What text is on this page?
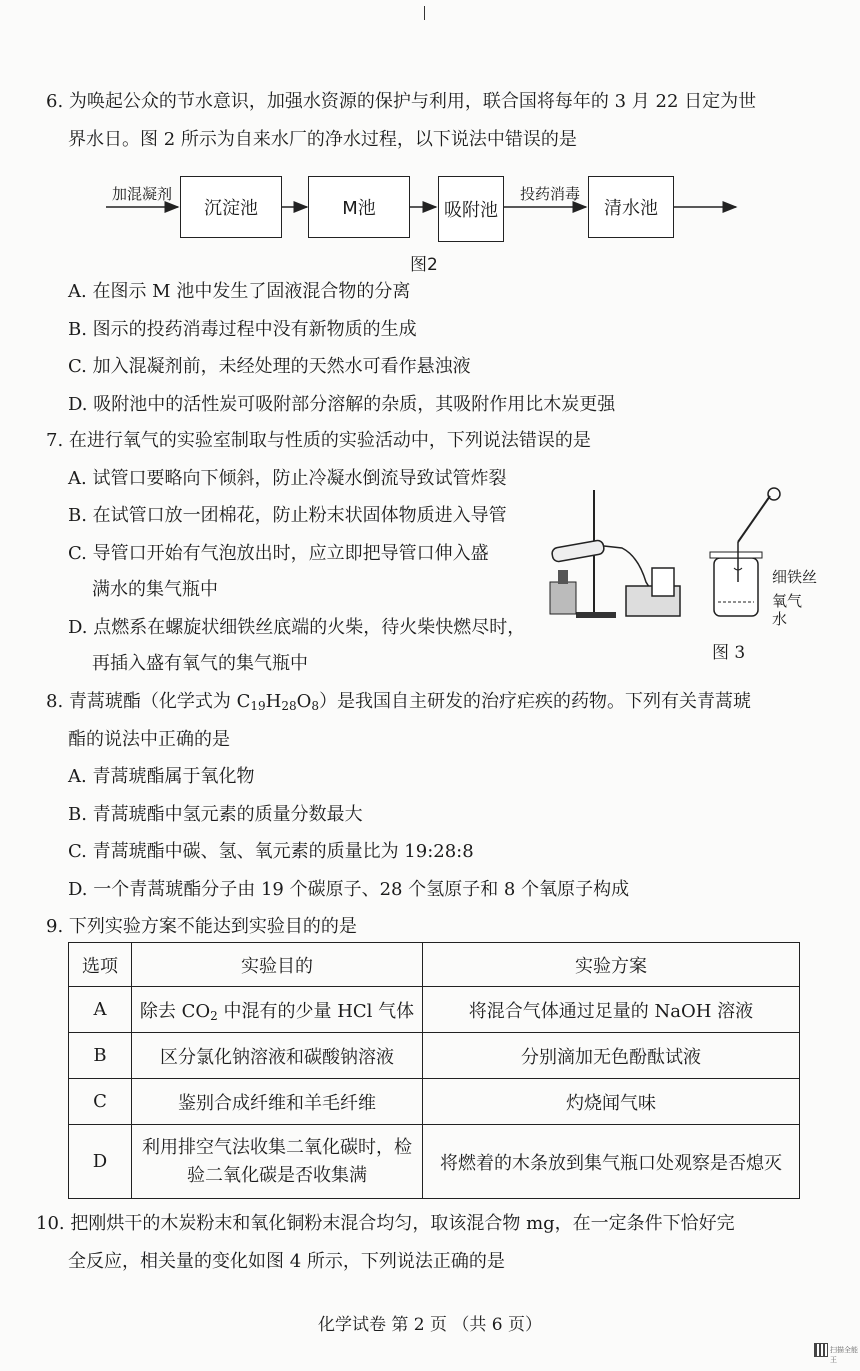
6. 为唤起公众的节水意识，加强水资源的保护与利用，联合国将每年的 3 月 22 日定为世
界水日。图 2 所示为自来水厂的净水过程，以下说法中错误的是
加混凝剂
沉淀池	M池	吸附池
投药消毒
清水池
图2
A. 在图示 M 池中发生了固液混合物的分离
B. 图示的投药消毒过程中没有新物质的生成
C. 加入混凝剂前，未经处理的天然水可看作悬浊液
D. 吸附池中的活性炭可吸附部分溶解的杂质，其吸附作用比木炭更强
7. 在进行氧气的实验室制取与性质的实验活动中，下列说法错误的是
A. 试管口要略向下倾斜，防止冷凝水倒流导致试管炸裂
B. 在试管口放一团棉花，防止粉末状固体物质进入导管
C. 导管口开始有气泡放出时，应立即把导管口伸入盛
满水的集气瓶中
D. 点燃系在螺旋状细铁丝底端的火柴，待火柴快燃尽时，
再插入盛有氧气的集气瓶中
细铁丝
氧气
水
图 3
8. 青蒿琥酯（化学式为 $C_{19}H_{28}O_8$）是我国自主研发的治疗疟疾的药物。下列有关青蒿琥
酯的说法中正确的是
A. 青蒿琥酯属于氧化物
B. 青蒿琥酯中氢元素的质量分数最大
C. 青蒿琥酯中碳、氢、氧元素的质量比为 19:28:8
D. 一个青蒿琥酯分子由 19 个碳原子、28 个氢原子和 8 个氧原子构成
9. 下列实验方案不能达到实验目的的是
选项	实验目的	实验方案
A	除去 $CO_2$ 中混有的少量 HCl 气体	将混合气体通过足量的 NaOH 溶液
B	区分氯化钠溶液和碳酸钠溶液	分别滴加无色酚酞试液
C	鉴别合成纤维和羊毛纤维	灼烧闻气味
D	利用排空气法收集二氧化碳时，检
验二氧化碳是否收集满	将燃着的木条放到集气瓶口处观察是否熄灭
10. 把刚烘干的木炭粉末和氧化铜粉末混合均匀，取该混合物 mg，在一定条件下恰好完
全反应，相关量的变化如图 4 所示，下列说法正确的是
化学试卷 第 2 页 （共 6 页）
扫描全能王
